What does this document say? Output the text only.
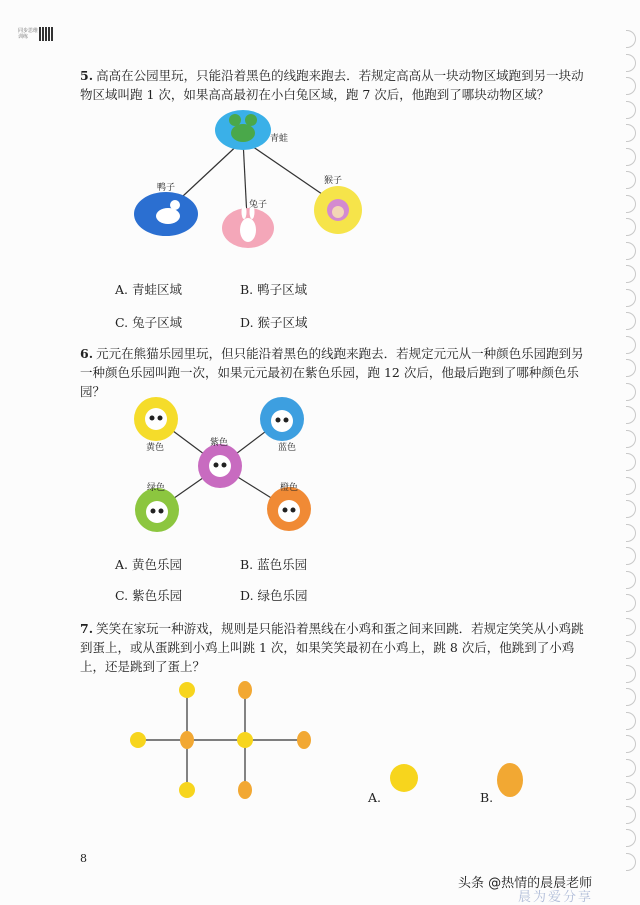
同步思维训练
5. 高高在公园里玩，只能沿着黑色的线跑来跑去．若规定高高从一块动物区域跑到另一块动物区域叫跑 1 次，如果高高最初在小白兔区域，跑 7 次后，他跑到了哪块动物区域？
青蛙
鸭子
兔子
猴子
A. 青蛙区域	B. 鸭子区域
C. 兔子区域	D. 猴子区域
6. 元元在熊猫乐园里玩，但只能沿着黑色的线跑来跑去．若规定元元从一种颜色乐园跑到另一种颜色乐园叫跑一次，如果元元最初在紫色乐园，跑 12 次后，他最后跑到了哪种颜色乐园？
黄色	紫色	蓝色
绿色	橙色
A. 黄色乐园	B. 蓝色乐园
C. 紫色乐园	D. 绿色乐园
7. 笑笑在家玩一种游戏，规则是只能沿着黑线在小鸡和蛋之间来回跳．若规定笑笑从小鸡跳到蛋上，或从蛋跳到小鸡上叫跳 1 次，如果笑笑最初在小鸡上，跳 8 次后，他跳到了小鸡上，还是跳到了蛋上？
A.	B.
8
头条 @热情的晨晨老师
晨为爱分享
